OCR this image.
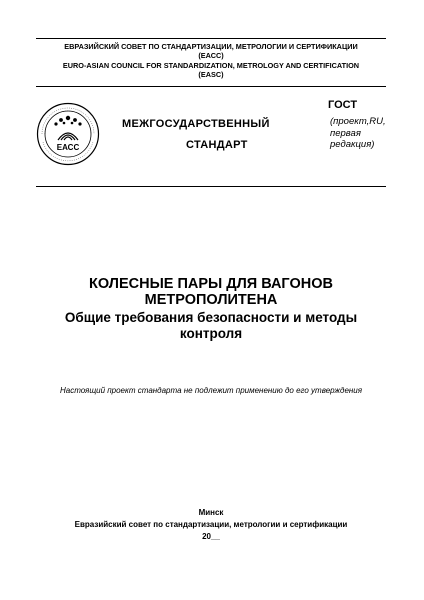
ЕВРАЗИЙСКИЙ СОВЕТ ПО СТАНДАРТИЗАЦИИ, МЕТРОЛОГИИ И СЕРТИФИКАЦИИ
(ЕАСС)
EURO-ASIAN COUNCIL FOR STANDARDIZATION, METROLOGY AND CERTIFICATION
(EASC)
ЕАСС
МЕЖГОСУДАРСТВЕННЫЙ
СТАНДАРТ
ГОСТ
(проект,RU,
первая
редакция)
КОЛЕСНЫЕ ПАРЫ ДЛЯ ВАГОНОВ
МЕТРОПОЛИТЕНА
Общие требования безопасности и методы
контроля
Настоящий проект стандарта не подлежит применению до его утверждения
Минск
Евразийский совет по стандартизации, метрологии и сертификации
20__
